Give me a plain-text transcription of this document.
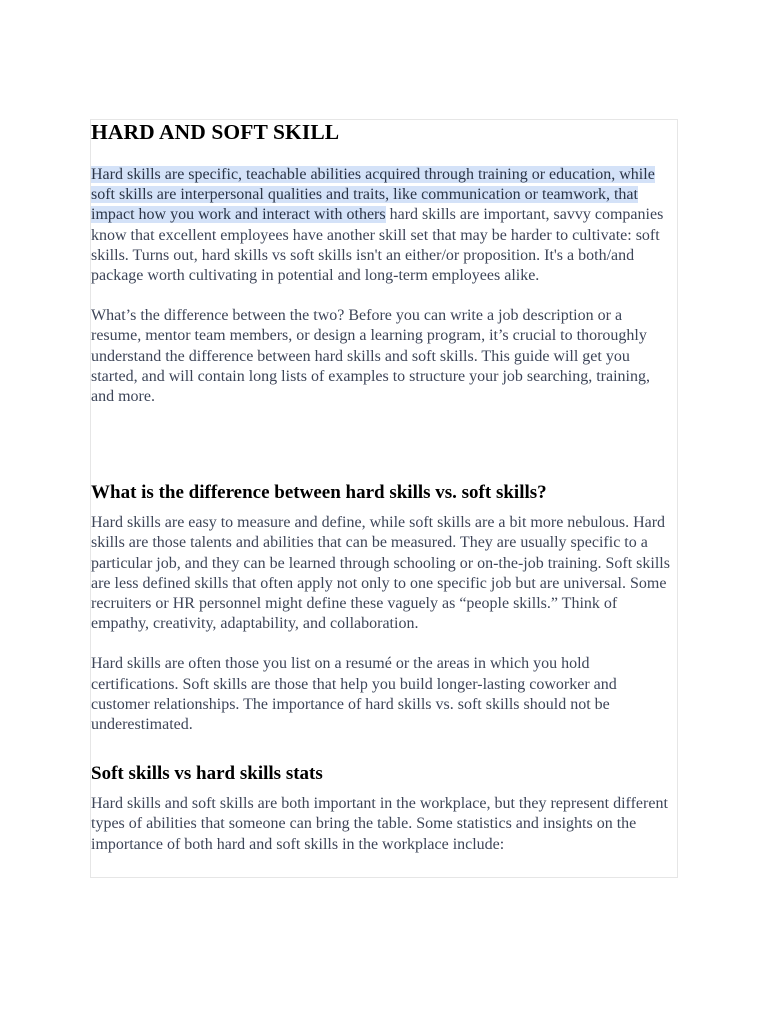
HARD AND SOFT SKILL

Hard skills are specific, teachable abilities acquired through training or education, while soft skills are interpersonal qualities and traits, like communication or teamwork, that impact how you work and interact with others hard skills are important, savvy companies know that excellent employees have another skill set that may be harder to cultivate: soft skills. Turns out, hard skills vs soft skills isn't an either/or proposition. It's a both/and package worth cultivating in potential and long-term employees alike.

What’s the difference between the two? Before you can write a job description or a resume, mentor team members, or design a learning program, it’s crucial to thoroughly understand the difference between hard skills and soft skills. This guide will get you started, and will contain long lists of examples to structure your job searching, training, and more.

What is the difference between hard skills vs. soft skills?

Hard skills are easy to measure and define, while soft skills are a bit more nebulous. Hard skills are those talents and abilities that can be measured. They are usually specific to a particular job, and they can be learned through schooling or on-the-job training. Soft skills are less defined skills that often apply not only to one specific job but are universal. Some recruiters or HR personnel might define these vaguely as “people skills.” Think of empathy, creativity, adaptability, and collaboration.

Hard skills are often those you list on a resumé or the areas in which you hold certifications. Soft skills are those that help you build longer-lasting coworker and customer relationships. The importance of hard skills vs. soft skills should not be underestimated.

Soft skills vs hard skills stats

Hard skills and soft skills are both important in the workplace, but they represent different types of abilities that someone can bring the table. Some statistics and insights on the importance of both hard and soft skills in the workplace include:
